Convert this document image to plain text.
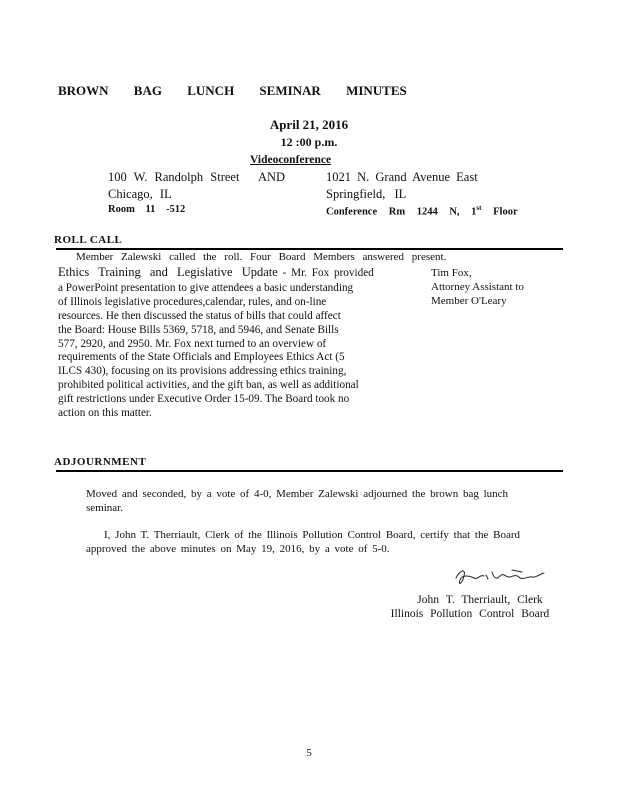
BROWN BAG LUNCH SEMINAR MINUTES
April 21, 2016
12 :00 p.m.
Videoconference
100 W. Randolph Street AND	1021 N. Grand Avenue East
Chicago, IL	Springfield, IL
Room 11 -512	Conference Rm 1244 N, 1st Floor
ROLL CALL
Member Zalewski called the roll. Four Board Members answered present.

Ethics Training and Legislative Update - Mr. Fox provided

a PowerPoint presentation to give attendees a basic understanding

of Illinois legislative procedures,calendar, rules, and on-line

resources. He then discussed the status of bills that could affect

the Board: House Bills 5369, 5718, and 5946, and Senate Bills

577, 2920, and 2950. Mr. Fox next turned to an overview of

requirements of the State Officials and Employees Ethics Act (5

ILCS 430), focusing on its provisions addressing ethics training,

prohibited political activities, and the gift ban, as well as additional

gift restrictions under Executive Order 15-09. The Board took no

action on this matter.

Tim Fox,

Attorney Assistant to

Member O'Leary

ADJOURNMENT

Moved and seconded, by a vote of 4-0, Member Zalewski adjourned the brown bag lunch

seminar.

I, John T. Therriault, Clerk of the Illinois Pollution Control Board, certify that the Board

approved the above minutes on May 19, 2016, by a vote of 5-0.

John T. Therriault, Clerk
Illinois Pollution Control Board
5
